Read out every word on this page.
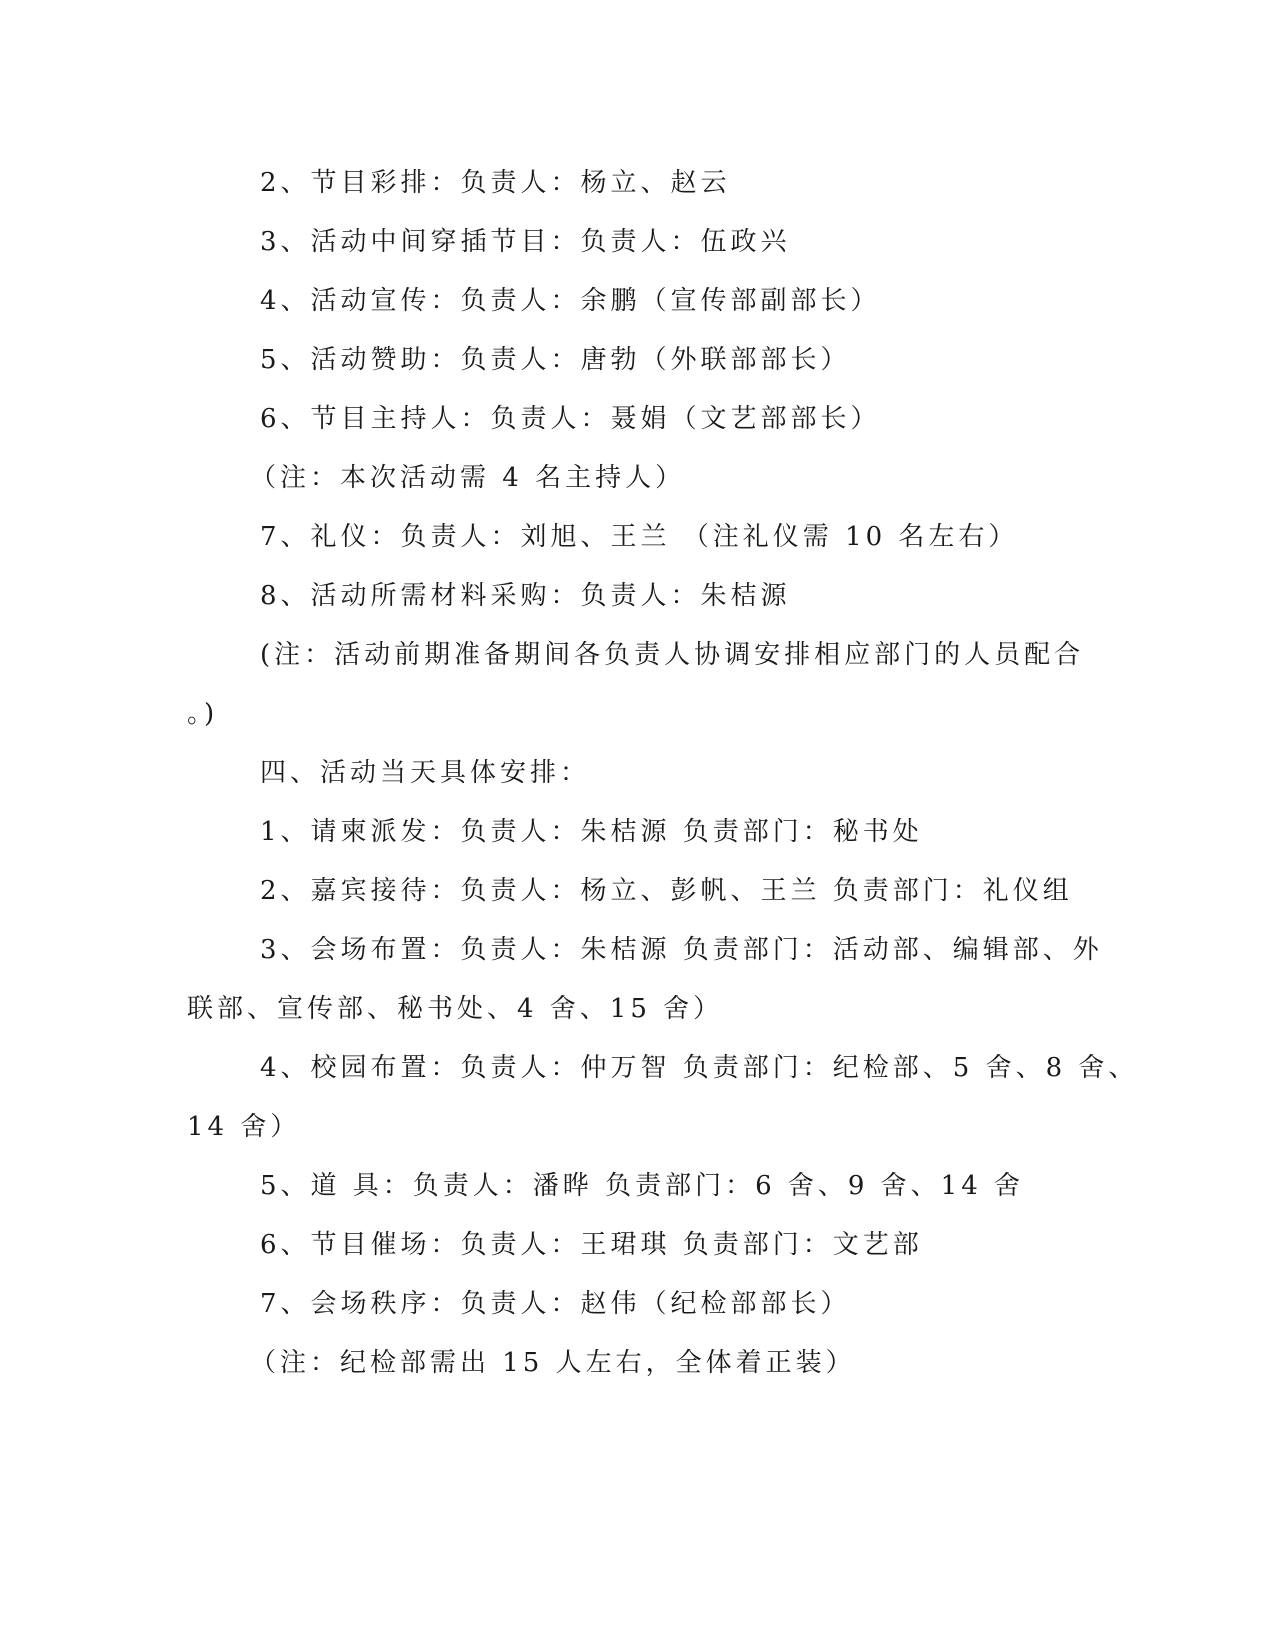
2、节目彩排：负责人：杨立、赵云
3、活动中间穿插节目：负责人：伍政兴
4、活动宣传：负责人：余鹏（宣传部副部长）
5、活动赞助：负责人：唐勃（外联部部长）
6、节目主持人：负责人：聂娟（文艺部部长）
（注：本次活动需 4 名主持人）
7、礼仪：负责人：刘旭、王兰 （注礼仪需 10 名左右）
8、活动所需材料采购：负责人：朱桔源
(注：活动前期准备期间各负责人协调安排相应部门的人员配合
。)
四、活动当天具体安排：
1、请柬派发：负责人：朱桔源 负责部门：秘书处
2、嘉宾接待：负责人：杨立、彭帆、王兰 负责部门：礼仪组
3、会场布置：负责人：朱桔源 负责部门：活动部、编辑部、外
联部、宣传部、秘书处、4 舍、15 舍）
4、校园布置：负责人：仲万智 负责部门：纪检部、5 舍、8 舍、
14 舍）
5、道 具：负责人：潘晔 负责部门：6 舍、9 舍、14 舍
6、节目催场：负责人：王珺琪 负责部门：文艺部
7、会场秩序：负责人：赵伟（纪检部部长）
（注：纪检部需出 15 人左右，全体着正装）
